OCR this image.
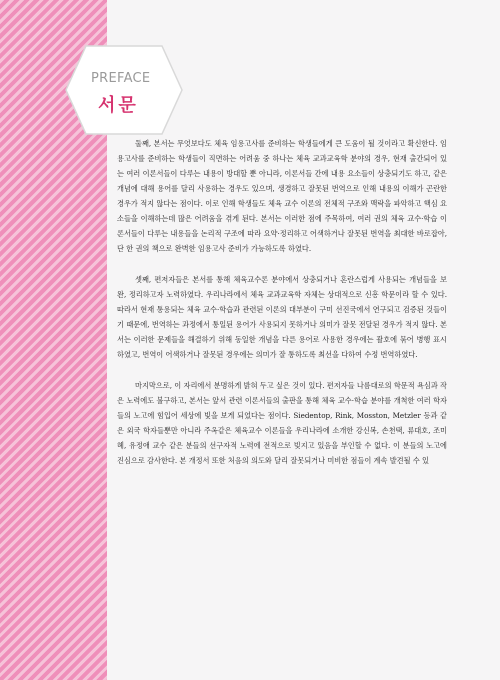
PREFACE
서문

둘째, 본서는 무엇보다도 체육 임용고사를 준비하는 학생들에게 큰 도움이 될 것이라고 확신한다. 임용고사를 준비하는 학생들이 직면하는 어려움 중 하나는 체육 교과교육학 분야의 경우, 현재 출간되어 있는 여러 이론서들이 다루는 내용이 방대할 뿐 아니라, 이론서들 간에 내용 요소들이 상충되기도 하고, 같은 개념에 대해 용어를 달리 사용하는 경우도 있으며, 생경하고 잘못된 번역으로 인해 내용의 이해가 곤란한 경우가 적지 않다는 점이다. 이로 인해 학생들도 체육 교수 이론의 전체적 구조와 맥락을 파악하고 핵심 요소들을 이해하는데 많은 어려움을 겪게 된다. 본서는 이러한 점에 주목하여, 여러 권의 체육 교수·학습 이론서들이 다루는 내용들을 논리적 구조에 따라 요약·정리하고 어색하거나 잘못된 번역을 최대한 바로잡아, 단 한 권의 책으로 완벽한 임용고사 준비가 가능하도록 하였다.

셋째, 편저자들은 본서를 통해 체육교수론 분야에서 상충되거나 혼란스럽게 사용되는 개념들을 보완, 정리하고자 노력하였다. 우리나라에서 체육 교과교육학 자체는 상대적으로 신흥 학문이라 할 수 있다. 따라서 현재 통용되는 체육 교수·학습과 관련된 이론의 대부분이 구미 선진국에서 연구되고 검증된 것들이기 때문에, 번역하는 과정에서 통일된 용어가 사용되지 못하거나 의미가 잘못 전달된 경우가 적지 않다. 본서는 이러한 문제들을 해결하기 위해 동일한 개념을 다른 용어로 사용한 경우에는 괄호에 묶어 병행 표시하였고, 번역이 어색하거나 잘못된 경우에는 의미가 잘 통하도록 최선을 다하여 수정 번역하였다.

마지막으로, 이 자리에서 분명하게 밝혀 두고 싶은 것이 있다. 편저자들 나름대로의 학문적 욕심과 작은 노력에도 불구하고, 본서는 앞서 관련 이론서들의 출판을 통해 체육 교수·학습 분야를 개척한 여러 학자들의 노고에 힘입어 세상에 빛을 보게 되었다는 점이다. Siedentop, Rink, Mosston, Metzler 등과 같은 외국 학자들뿐만 아니라 주옥같은 체육교수 이론들을 우리나라에 소개한 강신복, 손천택, 류대호, 조미혜, 유정애 교수 같은 분들의 선구자적 노력에 전적으로 빚지고 있음을 부인할 수 없다. 이 분들의 노고에 진심으로 감사한다. 본 개정서 또한 처음의 의도와 달리 잘못되거나 미비한 점들이 계속 발견될 수 있
